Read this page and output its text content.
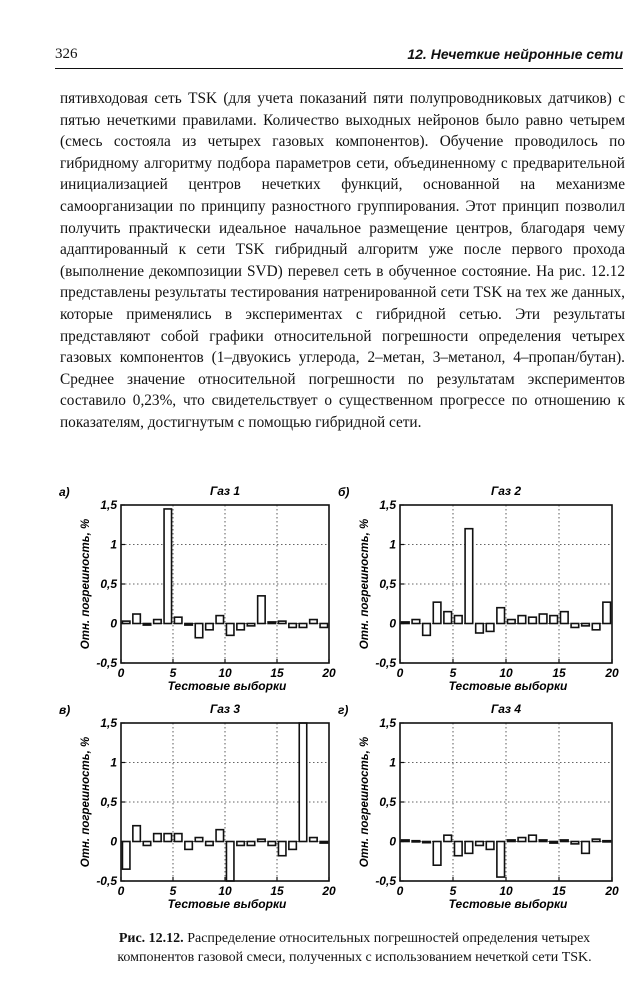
326	12. Нечеткие нейронные сети

пятивходовая сеть TSK (для учета показаний пяти полупроводниковых датчиков) с пятью нечеткими правилами. Количество выходных нейронов было равно четырем (смесь состояла из четырех газовых компонентов). Обучение проводилось по гибридному алгоритму подбора параметров сети, объединенному с предварительной инициализацией центров нечетких функций, основанной на механизме самоорганизации по принципу разностного группирования. Этот принцип позволил получить практически идеальное начальное размещение центров, благодаря чему адаптированный к сети TSK гибридный алгоритм уже после первого прохода (выполнение декомпозиции SVD) перевел сеть в обученное состояние. На рис. 12.12 представлены результаты тестирования натренированной сети TSK на тех же данных, которые применялись в экспериментах с гибридной сетью. Эти результаты представляют собой графики относительной погрешности определения четырех газовых компонентов (1–двуокись углерода, 2–метан, 3–метанол, 4–пропан/бутан). Среднее значение относительной погрешности по результатам экспериментов составило 0,23%, что свидетельствует о существенном прогрессе по отношению к показателям, достигнутым с помощью гибридной сети.

-0,5
0
0,5
1
1,5
0	5	10	15	20
Газ 1
а)
Тестовые выборки
Отн. погрешность, %
-0,5
0
0,5
1
1,5
0	5	10	15	20
Газ 2
б)
Тестовые выборки
Отн. погрешность, %
-0,5
0
0,5
1
1,5
0	5	10	15	20
Газ 3
в)
Тестовые выборки
Отн. погрешность, %
-0,5
0
0,5
1
1,5
0	5	10	15	20
Газ 4
г)
Тестовые выборки
Отн. погрешность, %

Рис. 12.12. Распределение относительных погрешностей определения четырех компонентов газовой смеси, полученных с использованием нечеткой сети TSK.
